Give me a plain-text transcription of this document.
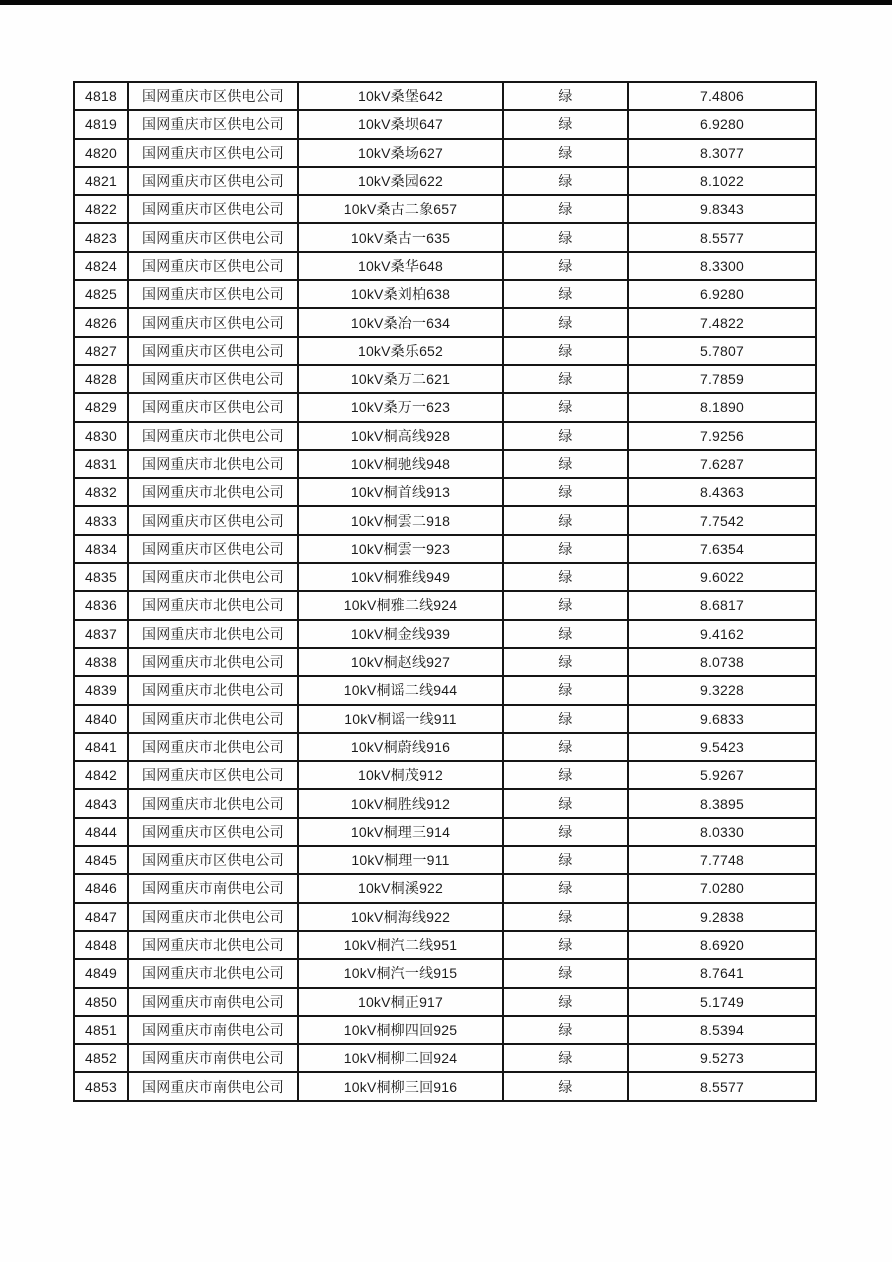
4818	国网重庆市区供电公司	10kV桑堡642	绿	7.4806
4819	国网重庆市区供电公司	10kV桑坝647	绿	6.9280
4820	国网重庆市区供电公司	10kV桑场627	绿	8.3077
4821	国网重庆市区供电公司	10kV桑园622	绿	8.1022
4822	国网重庆市区供电公司	10kV桑古二象657	绿	9.8343
4823	国网重庆市区供电公司	10kV桑古一635	绿	8.5577
4824	国网重庆市区供电公司	10kV桑华648	绿	8.3300
4825	国网重庆市区供电公司	10kV桑刘柏638	绿	6.9280
4826	国网重庆市区供电公司	10kV桑冶一634	绿	7.4822
4827	国网重庆市区供电公司	10kV桑乐652	绿	5.7807
4828	国网重庆市区供电公司	10kV桑万二621	绿	7.7859
4829	国网重庆市区供电公司	10kV桑万一623	绿	8.1890
4830	国网重庆市北供电公司	10kV桐高线928	绿	7.9256
4831	国网重庆市北供电公司	10kV桐驰线948	绿	7.6287
4832	国网重庆市北供电公司	10kV桐首线913	绿	8.4363
4833	国网重庆市区供电公司	10kV桐雲二918	绿	7.7542
4834	国网重庆市区供电公司	10kV桐雲一923	绿	7.6354
4835	国网重庆市北供电公司	10kV桐雅线949	绿	9.6022
4836	国网重庆市北供电公司	10kV桐雅二线924	绿	8.6817
4837	国网重庆市北供电公司	10kV桐金线939	绿	9.4162
4838	国网重庆市北供电公司	10kV桐赵线927	绿	8.0738
4839	国网重庆市北供电公司	10kV桐谣二线944	绿	9.3228
4840	国网重庆市北供电公司	10kV桐谣一线911	绿	9.6833
4841	国网重庆市北供电公司	10kV桐蔚线916	绿	9.5423
4842	国网重庆市区供电公司	10kV桐茂912	绿	5.9267
4843	国网重庆市北供电公司	10kV桐胜线912	绿	8.3895
4844	国网重庆市区供电公司	10kV桐理三914	绿	8.0330
4845	国网重庆市区供电公司	10kV桐理一911	绿	7.7748
4846	国网重庆市南供电公司	10kV桐溪922	绿	7.0280
4847	国网重庆市北供电公司	10kV桐海线922	绿	9.2838
4848	国网重庆市北供电公司	10kV桐汽二线951	绿	8.6920
4849	国网重庆市北供电公司	10kV桐汽一线915	绿	8.7641
4850	国网重庆市南供电公司	10kV桐正917	绿	5.1749
4851	国网重庆市南供电公司	10kV桐柳四回925	绿	8.5394
4852	国网重庆市南供电公司	10kV桐柳二回924	绿	9.5273
4853	国网重庆市南供电公司	10kV桐柳三回916	绿	8.5577
